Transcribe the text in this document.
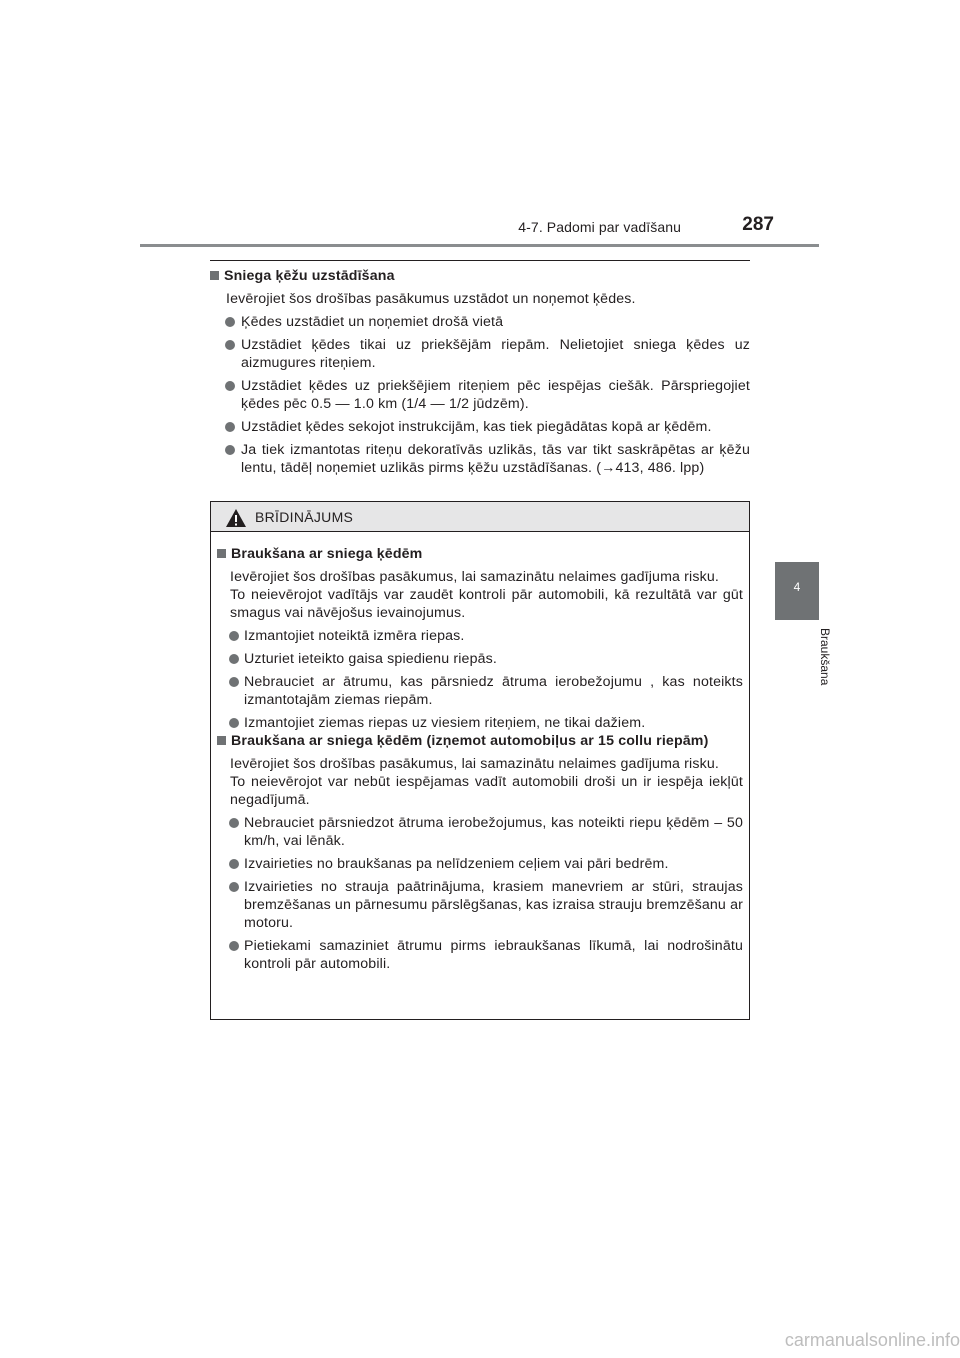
4-7. Padomi par vadīšanu	287
4
Braukšana
Sniega ķēžu uzstādīšana
Ievērojiet šos drošības pasākumus uzstādot un noņemot ķēdes.
Ķēdes uzstādiet un noņemiet drošā vietā
Uzstādiet ķēdes tikai uz priekšējām riepām. Nelietojiet sniega ķēdes uz aizmugures riteņiem.
Uzstādiet ķēdes uz priekšējiem riteņiem pēc iespējas ciešāk. Pārspriegojiet ķēdes pēc 0.5 — 1.0 km (1/4 — 1/2 jūdzēm).
Uzstādiet ķēdes sekojot instrukcijām, kas tiek piegādātas kopā ar ķēdēm.
Ja tiek izmantotas riteņu dekoratīvās uzlikās, tās var tikt saskrāpētas ar ķēžu lentu, tādēļ noņemiet uzlikās pirms ķēžu uzstādīšanas. (→413, 486. lpp)
BRĪDINĀJUMS
Braukšana ar sniega ķēdēm
Ievērojiet šos drošības pasākumus, lai samazinātu nelaimes gadījuma risku.
To neievērojot vadītājs var zaudēt kontroli pār automobili, kā rezultātā var gūt smagus vai nāvējošus ievainojumus.
Izmantojiet noteiktā izmēra riepas.
Uzturiet ieteikto gaisa spiedienu riepās.
Nebrauciet ar ātrumu, kas pārsniedz ātruma ierobežojumu , kas noteikts izmantotajām ziemas riepām.
Izmantojiet ziemas riepas uz viesiem riteņiem, ne tikai dažiem.
Braukšana ar sniega ķēdēm (izņemot automobiļus ar 15 collu riepām)
Ievērojiet šos drošības pasākumus, lai samazinātu nelaimes gadījuma risku.
To neievērojot var nebūt iespējamas vadīt automobili droši un ir iespēja iekļūt negadījumā.
Nebrauciet pārsniedzot ātruma ierobežojumus, kas noteikti riepu ķēdēm – 50 km/h, vai lēnāk.
Izvairieties no braukšanas pa nelīdzeniem ceļiem vai pāri bedrēm.
Izvairieties no strauja paātrinājuma, krasiem manevriem ar stūri, straujas bremzēšanas un pārnesumu pārslēgšanas, kas izraisa strauju bremzēšanu ar motoru.
Pietiekami samaziniet ātrumu pirms iebraukšanas līkumā, lai nodrošinātu kontroli pār automobili.
carmanualsonline.info
